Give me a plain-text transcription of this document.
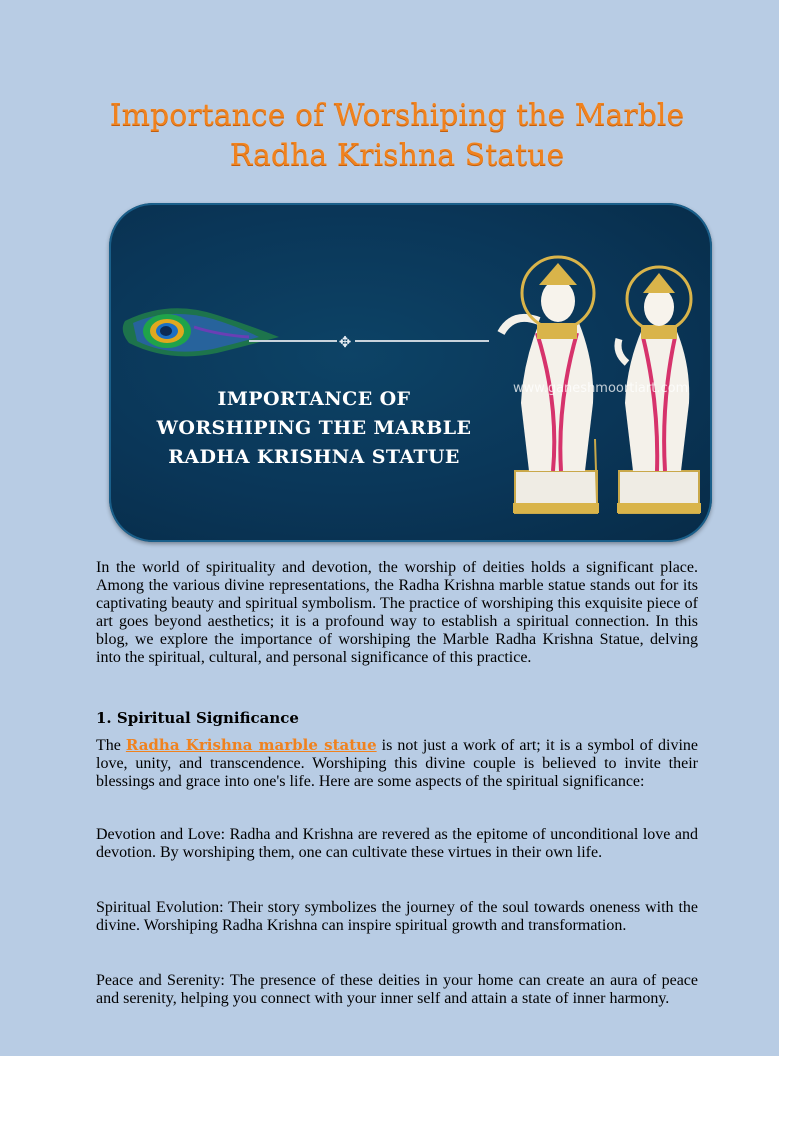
Importance of Worshiping the Marble
Radha Krishna Statue
✥
www.ganeshmoortiart.com
IMPORTANCE OF
WORSHIPING THE MARBLE
RADHA KRISHNA STATUE

In the world of spirituality and devotion, the worship of deities holds a significant place. Among the various divine representations, the Radha Krishna marble statue stands out for its captivating beauty and spiritual symbolism. The practice of worshiping this exquisite piece of art goes beyond aesthetics; it is a profound way to establish a spiritual connection. In this blog, we explore the importance of worshiping the Marble Radha Krishna Statue, delving into the spiritual, cultural, and personal significance of this practice.

1. Spiritual Significance

The Radha Krishna marble statue is not just a work of art; it is a symbol of divine love, unity, and transcendence. Worshiping this divine couple is believed to invite their blessings and grace into one's life. Here are some aspects of the spiritual significance:

Devotion and Love: Radha and Krishna are revered as the epitome of unconditional love and devotion. By worshiping them, one can cultivate these virtues in their own life.

Spiritual Evolution: Their story symbolizes the journey of the soul towards oneness with the divine. Worshiping Radha Krishna can inspire spiritual growth and transformation.

Peace and Serenity: The presence of these deities in your home can create an aura of peace and serenity, helping you connect with your inner self and attain a state of inner harmony.
